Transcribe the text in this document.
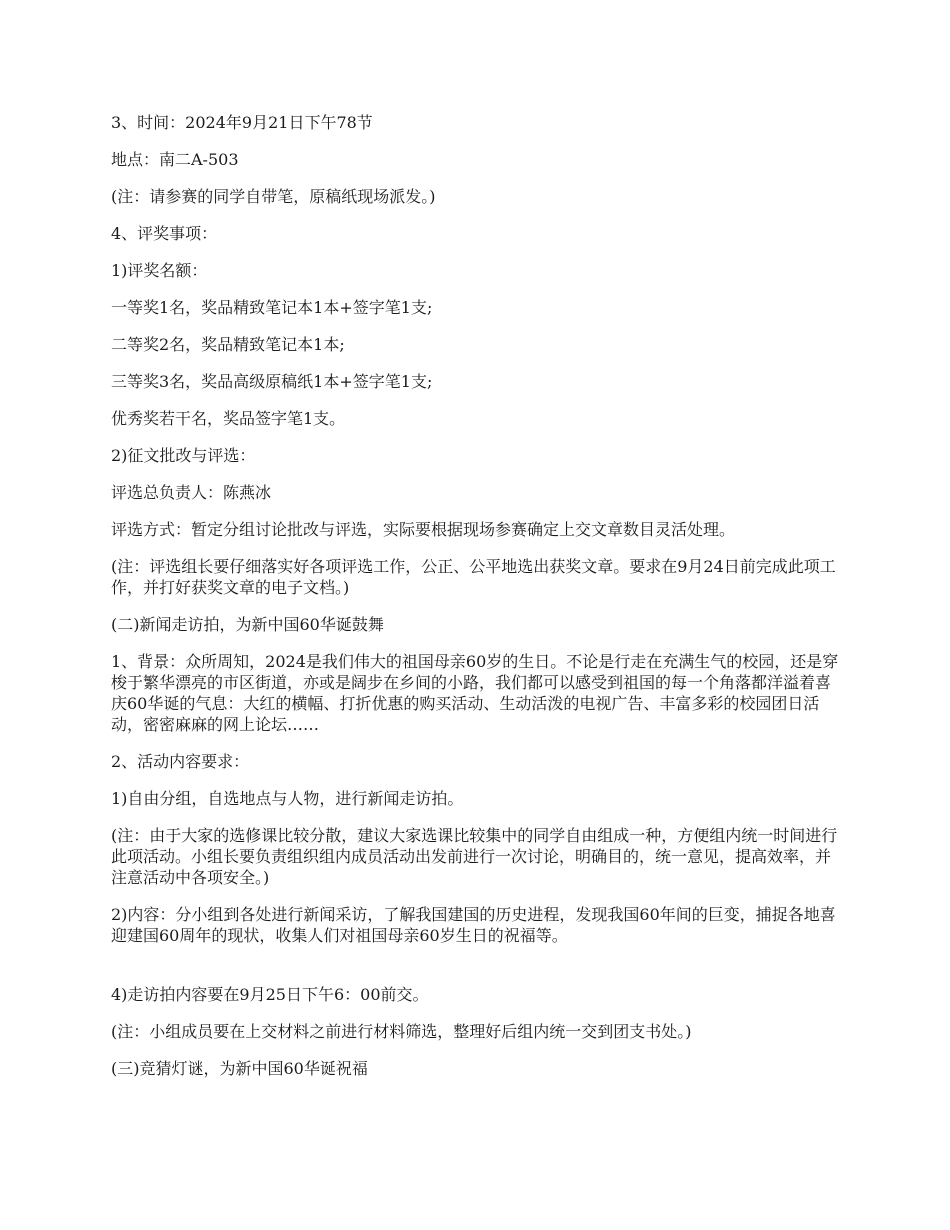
3、时间：2024年9月21日下午78节

地点：南二A-503

(注：请参赛的同学自带笔，原稿纸现场派发。)

4、评奖事项：

1)评奖名额：

一等奖1名，奖品精致笔记本1本+签字笔1支;

二等奖2名，奖品精致笔记本1本;

三等奖3名，奖品高级原稿纸1本+签字笔1支;

优秀奖若干名，奖品签字笔1支。

2)征文批改与评选：

评选总负责人：陈燕冰

评选方式：暂定分组讨论批改与评选，实际要根据现场参赛确定上交文章数目灵活处理。

(注：评选组长要仔细落实好各项评选工作，公正、公平地选出获奖文章。要求在9月24日前完成此项工作，并打好获奖文章的电子文档。)

(二)新闻走访拍，为新中国60华诞鼓舞

1、背景：众所周知，2024是我们伟大的祖国母亲60岁的生日。不论是行走在充满生气的校园，还是穿梭于繁华漂亮的市区街道，亦或是阔步在乡间的小路，我们都可以感受到祖国的每一个角落都洋溢着喜庆60华诞的气息：大红的横幅、打折优惠的购买活动、生动活泼的电视广告、丰富多彩的校园团日活动，密密麻麻的网上论坛……

2、活动内容要求：

1)自由分组，自选地点与人物，进行新闻走访拍。

(注：由于大家的选修课比较分散，建议大家选课比较集中的同学自由组成一种，方便组内统一时间进行此项活动。小组长要负责组织组内成员活动出发前进行一次讨论，明确目的，统一意见，提高效率，并注意活动中各项安全。)

2)内容：分小组到各处进行新闻采访，了解我国建国的历史进程，发现我国60年间的巨变，捕捉各地喜迎建国60周年的现状，收集人们对祖国母亲60岁生日的祝福等。

4)走访拍内容要在9月25日下午6：00前交。

(注：小组成员要在上交材料之前进行材料筛选，整理好后组内统一交到团支书处。)

(三)竞猜灯谜，为新中国60华诞祝福
